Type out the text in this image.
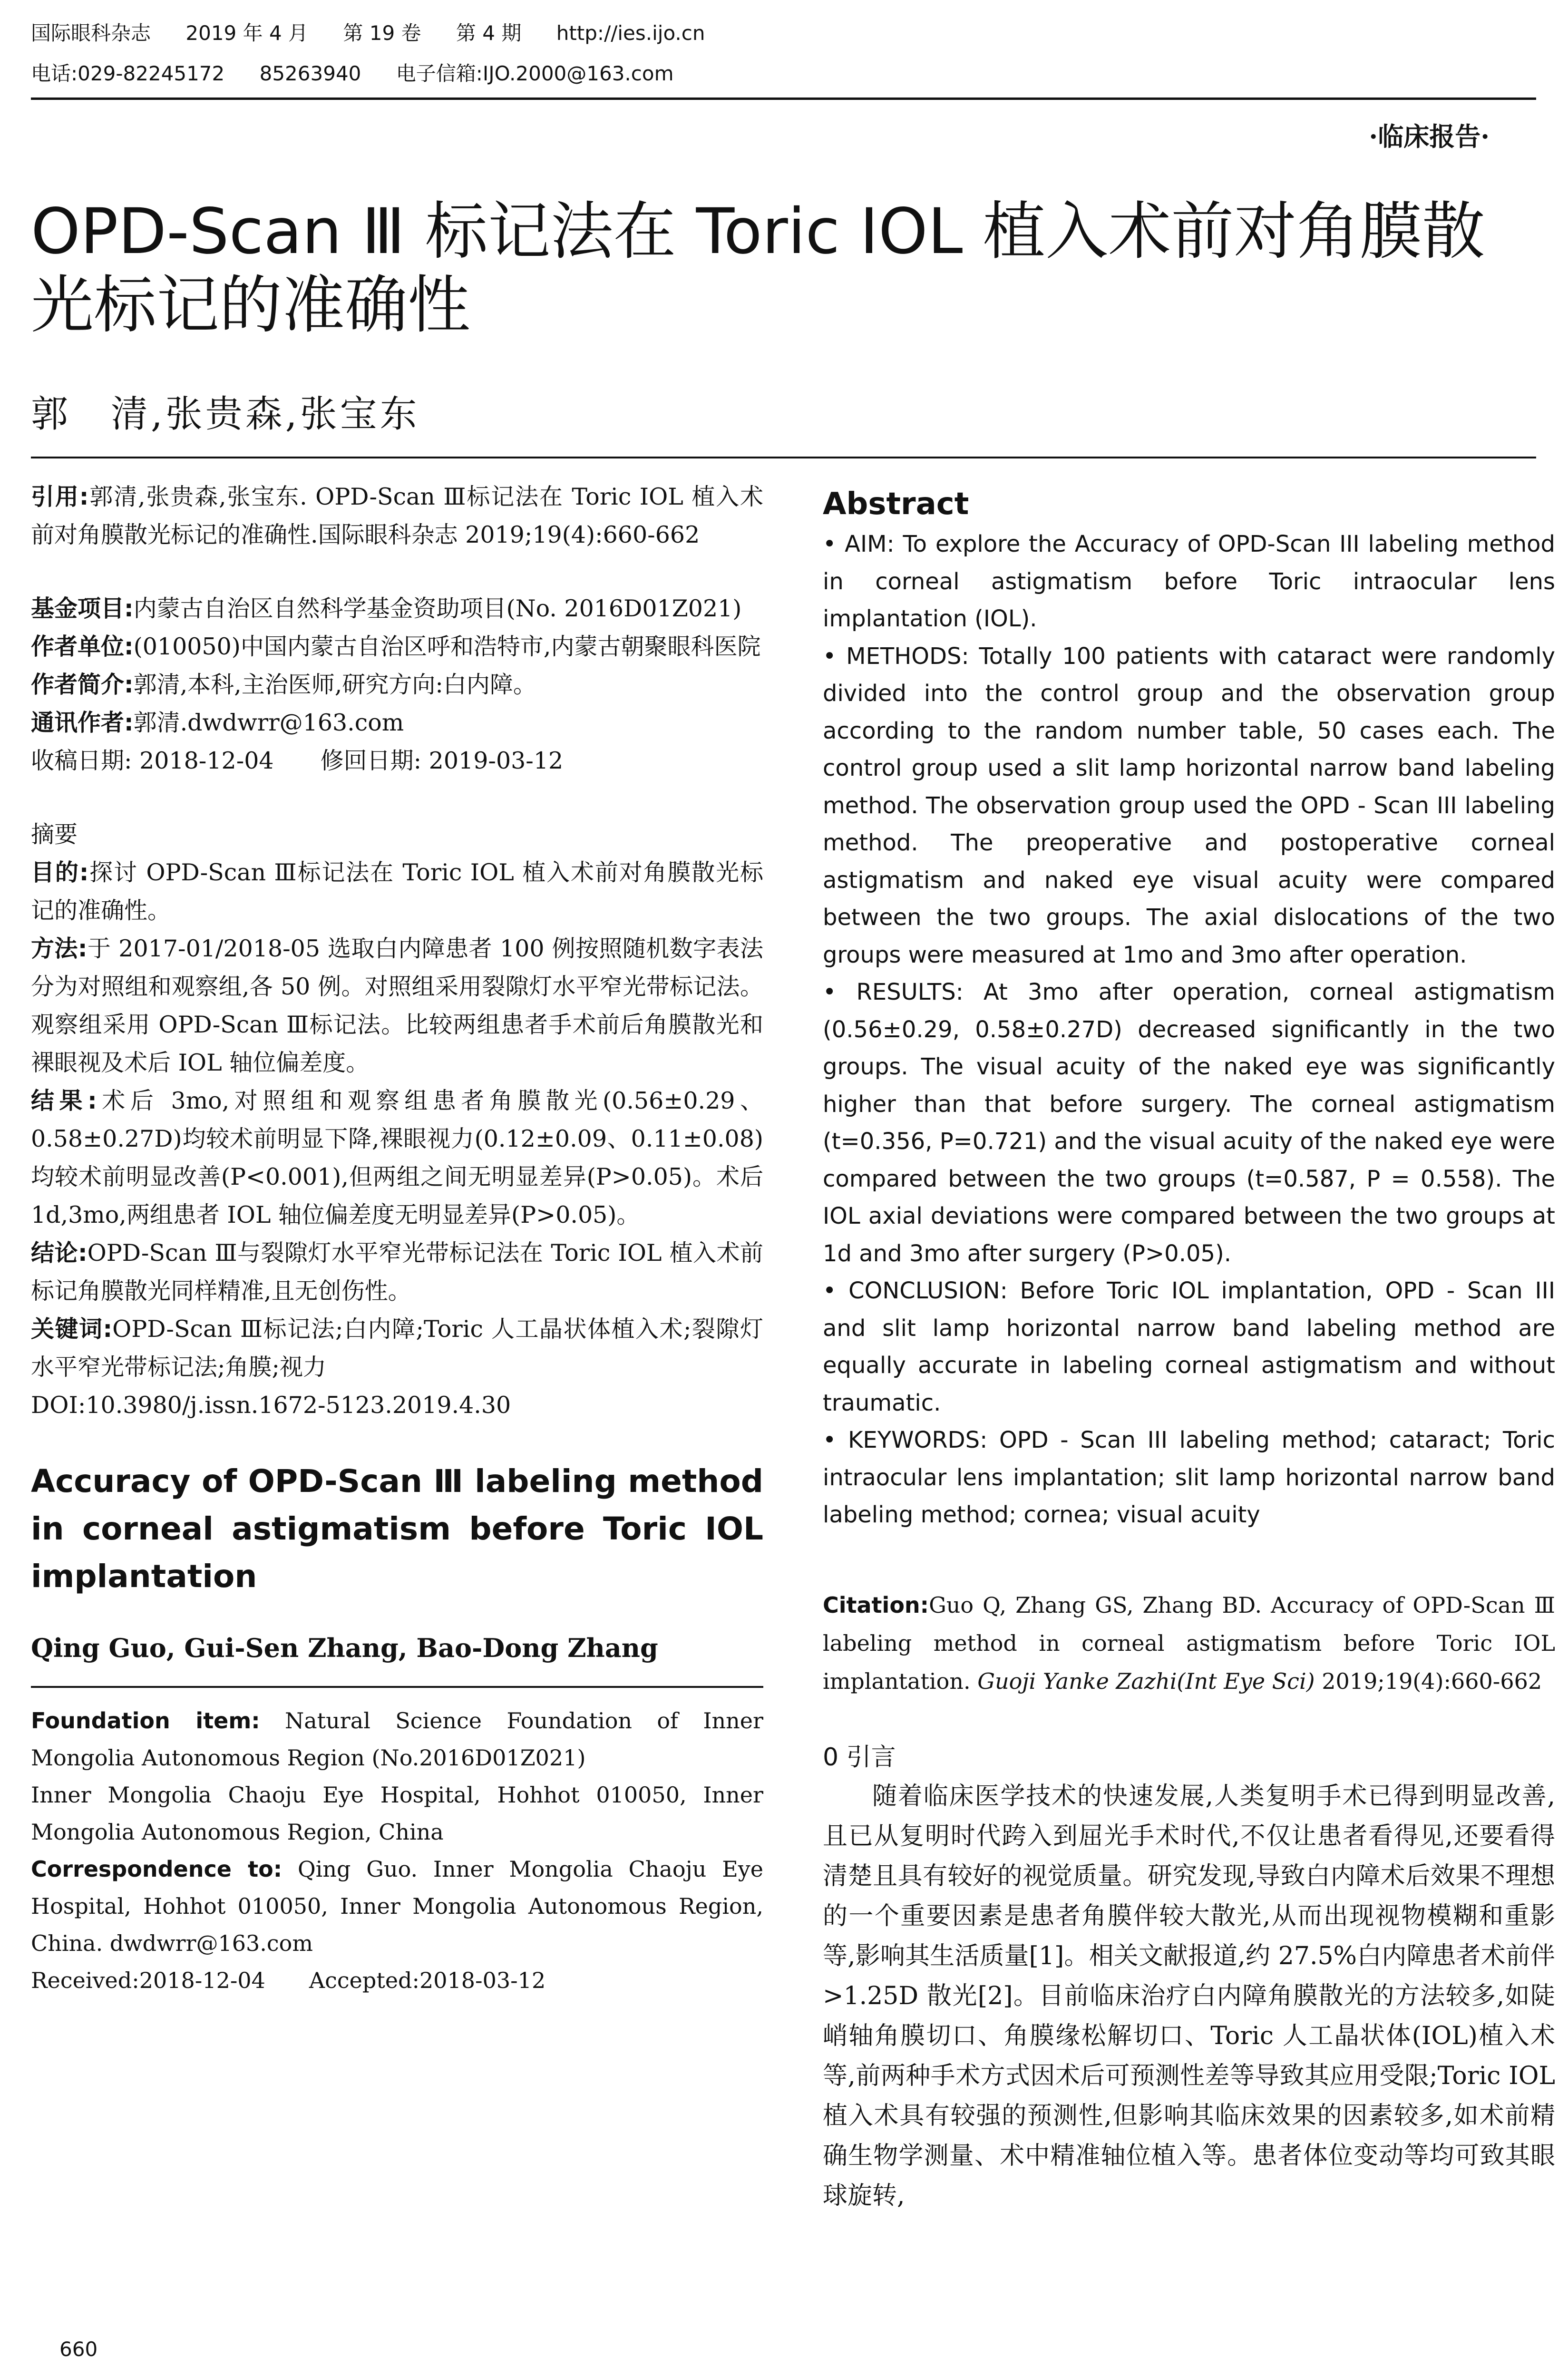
国际眼科杂志 2019 年 4 月 第 19 卷 第 4 期 http://ies.ijo.cn
电话:029-82245172 85263940 电子信箱:IJO.2000@163.com
·临床报告·
OPD-Scan Ⅲ 标记法在 Toric IOL 植入术前对角膜散光标记的准确性
郭　清,张贵森,张宝东

引用:郭清,张贵森,张宝东. OPD-Scan Ⅲ标记法在 Toric IOL 植入术前对角膜散光标记的准确性.国际眼科杂志 2019;19(4):660-662

基金项目:内蒙古自治区自然科学基金资助项目(No. 2016D01Z021)

作者单位:(010050)中国内蒙古自治区呼和浩特市,内蒙古朝聚眼科医院

作者简介:郭清,本科,主治医师,研究方向:白内障。

通讯作者:郭清.dwdwrr@163.com

收稿日期: 2018-12-04　　修回日期: 2019-03-12

摘要

目的:探讨 OPD-Scan Ⅲ标记法在 Toric IOL 植入术前对角膜散光标记的准确性。

方法:于 2017-01/2018-05 选取白内障患者 100 例按照随机数字表法分为对照组和观察组,各 50 例。对照组采用裂隙灯水平窄光带标记法。观察组采用 OPD-Scan Ⅲ标记法。比较两组患者手术前后角膜散光和裸眼视及术后 IOL 轴位偏差度。

结果:术后 3mo,对照组和观察组患者角膜散光(0.56±0.29、0.58±0.27D)均较术前明显下降,裸眼视力(0.12±0.09、0.11±0.08)均较术前明显改善(P<0.001),但两组之间无明显差异(P>0.05)。术后 1d,3mo,两组患者 IOL 轴位偏差度无明显差异(P>0.05)。

结论:OPD-Scan Ⅲ与裂隙灯水平窄光带标记法在 Toric IOL 植入术前标记角膜散光同样精准,且无创伤性。

关键词:OPD-Scan Ⅲ标记法;白内障;Toric 人工晶状体植入术;裂隙灯水平窄光带标记法;角膜;视力

DOI:10.3980/j.issn.1672-5123.2019.4.30

Accuracy of OPD-Scan Ⅲ labeling method in corneal astigmatism before Toric IOL implantation

Qing Guo, Gui-Sen Zhang, Bao-Dong Zhang

Foundation item: Natural Science Foundation of Inner Mongolia Autonomous Region (No.2016D01Z021)

Inner Mongolia Chaoju Eye Hospital, Hohhot 010050, Inner Mongolia Autonomous Region, China

Correspondence to: Qing Guo. Inner Mongolia Chaoju Eye Hospital, Hohhot 010050, Inner Mongolia Autonomous Region, China. dwdwrr@163.com

Received:2018-12-04　　Accepted:2018-03-12

Abstract

• AIM: To explore the Accuracy of OPD-Scan III labeling method in corneal astigmatism before Toric intraocular lens implantation (IOL).

• METHODS: Totally 100 patients with cataract were randomly divided into the control group and the observation group according to the random number table, 50 cases each. The control group used a slit lamp horizontal narrow band labeling method. The observation group used the OPD - Scan III labeling method. The preoperative and postoperative corneal astigmatism and naked eye visual acuity were compared between the two groups. The axial dislocations of the two groups were measured at 1mo and 3mo after operation.

• RESULTS: At 3mo after operation, corneal astigmatism (0.56±0.29, 0.58±0.27D) decreased significantly in the two groups. The visual acuity of the naked eye was significantly higher than that before surgery. The corneal astigmatism (t=0.356, P=0.721) and the visual acuity of the naked eye were compared between the two groups (t=0.587, P = 0.558). The IOL axial deviations were compared between the two groups at 1d and 3mo after surgery (P>0.05).

• CONCLUSION: Before Toric IOL implantation, OPD - Scan III and slit lamp horizontal narrow band labeling method are equally accurate in labeling corneal astigmatism and without traumatic.

• KEYWORDS: OPD - Scan III labeling method; cataract; Toric intraocular lens implantation; slit lamp horizontal narrow band labeling method; cornea; visual acuity

Citation:Guo Q, Zhang GS, Zhang BD. Accuracy of OPD-Scan Ⅲ labeling method in corneal astigmatism before Toric IOL implantation. Guoji Yanke Zazhi(Int Eye Sci) 2019;19(4):660-662

0 引言

随着临床医学技术的快速发展,人类复明手术已得到明显改善,且已从复明时代跨入到屈光手术时代,不仅让患者看得见,还要看得清楚且具有较好的视觉质量。研究发现,导致白内障术后效果不理想的一个重要因素是患者角膜伴较大散光,从而出现视物模糊和重影等,影响其生活质量[1]。相关文献报道,约 27.5%白内障患者术前伴>1.25D 散光[2]。目前临床治疗白内障角膜散光的方法较多,如陡峭轴角膜切口、角膜缘松解切口、Toric 人工晶状体(IOL)植入术等,前两种手术方式因术后可预测性差等导致其应用受限;Toric IOL 植入术具有较强的预测性,但影响其临床效果的因素较多,如术前精确生物学测量、术中精准轴位植入等。患者体位变动等均可致其眼球旋转,

660
